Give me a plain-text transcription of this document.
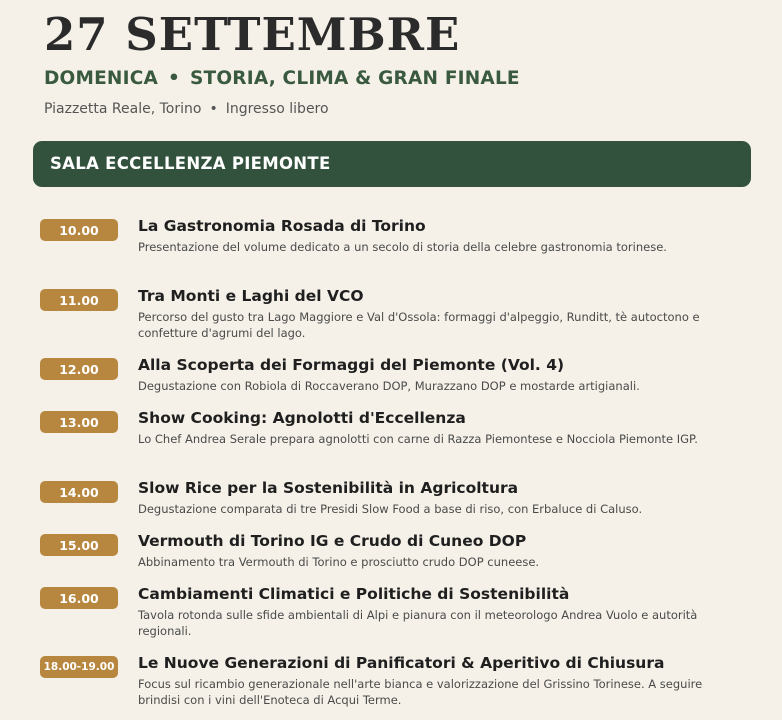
27 SETTEMBRE
DOMENICA • STORIA, CLIMA & GRAN FINALE
Piazzetta Reale, Torino • Ingresso libero
SALA ECCELLENZA PIEMONTE
10.00	La Gastronomia Rosada di Torino
Presentazione del volume dedicato a un secolo di storia della celebre gastronomia torinese.
11.00	Tra Monti e Laghi del VCO
Percorso del gusto tra Lago Maggiore e Val d'Ossola: formaggi d'alpeggio, Runditt, tè autoctono e confetture d'agrumi del lago.
12.00	Alla Scoperta dei Formaggi del Piemonte (Vol. 4)
Degustazione con Robiola di Roccaverano DOP, Murazzano DOP e mostarde artigianali.
13.00	Show Cooking: Agnolotti d'Eccellenza
Lo Chef Andrea Serale prepara agnolotti con carne di Razza Piemontese e Nocciola Piemonte IGP.
14.00	Slow Rice per la Sostenibilità in Agricoltura
Degustazione comparata di tre Presidi Slow Food a base di riso, con Erbaluce di Caluso.
15.00	Vermouth di Torino IG e Crudo di Cuneo DOP
Abbinamento tra Vermouth di Torino e prosciutto crudo DOP cuneese.
16.00	Cambiamenti Climatici e Politiche di Sostenibilità
Tavola rotonda sulle sfide ambientali di Alpi e pianura con il meteorologo Andrea Vuolo e autorità regionali.
18.00-19.00 Le Nuove Generazioni di Panificatori & Aperitivo di Chiusura
Focus sul ricambio generazionale nell'arte bianca e valorizzazione del Grissino Torinese. A seguire brindisi con i vini dell'Enoteca di Acqui Terme.
